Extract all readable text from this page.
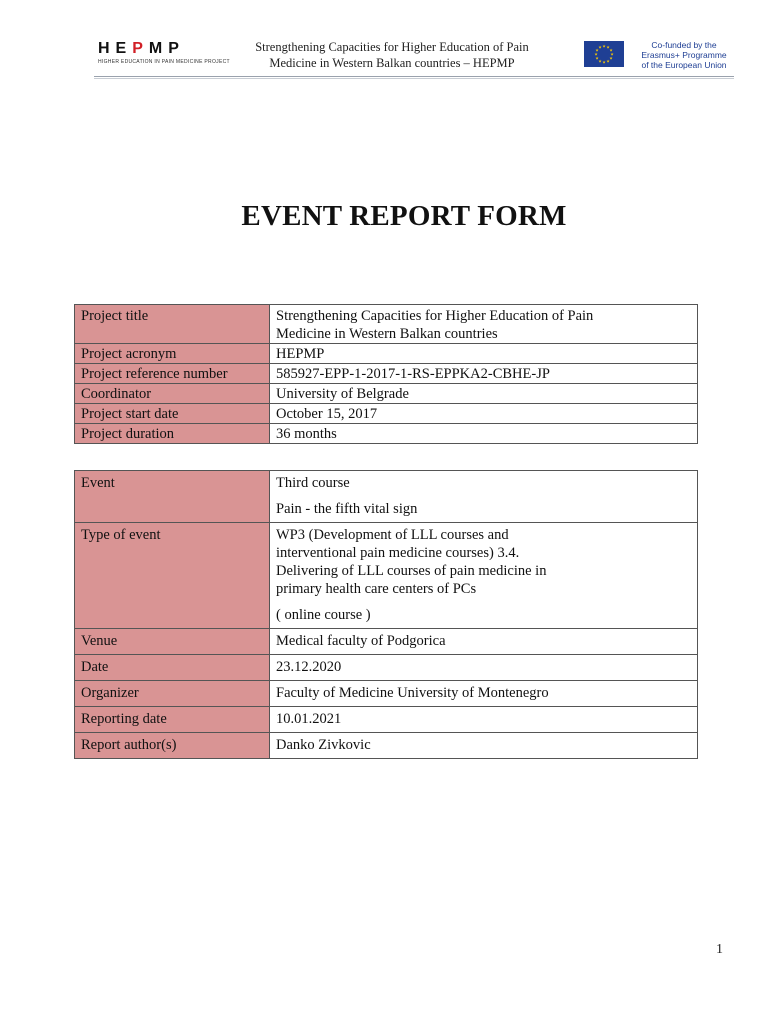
HEPMP
HIGHER EDUCATION IN PAIN MEDICINE PROJECT
Strengthening Capacities for Higher Education of Pain
Medicine in Western Balkan countries – HEPMP
★ ★
★
★
★
★
★
★
★
★
★
★	Co-funded by the
Erasmus+ Programme
of the European Union
EVENT REPORT FORM
Project title	Strengthening Capacities for Higher Education of Pain
Medicine in Western Balkan countries

Project acronym	HEPMP
Project reference number	585927-EPP-1-2017-1-RS-EPPKA2-CBHE-JP
Coordinator	University of Belgrade
Project start date	October 15, 2017
Project duration	36 months
Event	Third course
Pain - the fifth vital sign

Type of event	WP3 (Development of LLL courses and
interventional pain medicine courses) 3.4.
Delivering of LLL courses of pain medicine in
primary health care centers of PCs
( online course )

Venue	Medical faculty of Podgorica
Date	23.12.2020
Organizer	Faculty of Medicine University of Montenegro
Reporting date	10.01.2021
Report author(s)	Danko Zivkovic
1
